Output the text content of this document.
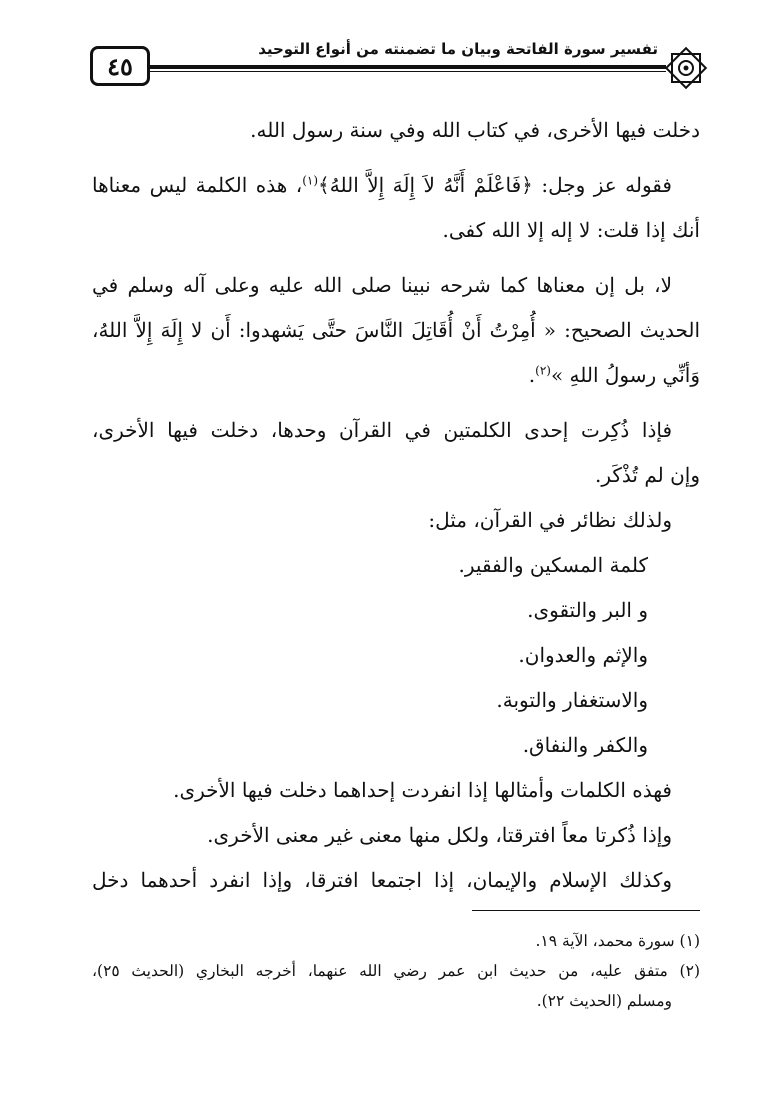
٤٥
تفسير سورة الفاتحة وبيان ما تضمنته من أنواع التوحيد
دخلت فيها الأخرى، في كتاب الله وفي سنة رسول الله.
فقوله عز وجل: ﴿فَاعْلَمْ أَنَّهُ لاَ إِلَهَ إِلاَّ اللهُ﴾$^{(١)}$، هذه الكلمة ليس معناها
أنك إذا قلت: لا إله إلا الله كفى.
لا، بل إن معناها كما شرحه نبينا صلى الله عليه وعلى آله وسلم في
الحديث الصحيح: « أُمِرْتُ أَنْ أُقَاتِلَ النَّاسَ حتَّى يَشهدوا: أَن لا إِلَهَ إِلاَّ اللهُ،
وَأنِّي رسولُ اللهِ »$^{(٢)}$.
فإذا ذُكِرت إحدى الكلمتين في القرآن وحدها، دخلت فيها الأخرى،
وإن لم تُذْكَر.
ولذلك نظائر في القرآن، مثل:
كلمة المسكين والفقير.
و البر والتقوى.
والإثم والعدوان.
والاستغفار والتوبة.
والكفر والنفاق.
فهذه الكلمات وأمثالها إذا انفردت إحداهما دخلت فيها الأخرى.
وإذا ذُكرتا معاً افترقتا، ولكل منها معنى غير معنى الأخرى.
وكذلك الإسلام والإيمان، إذا اجتمعا افترقا، وإذا انفرد أحدهما دخل
(١) سورة محمد، الآية ١٩.
(٢) متفق عليه، من حديث ابن عمر رضي الله عنهما، أخرجه البخاري (الحديث ٢٥)،
ومسلم (الحديث ٢٢).
